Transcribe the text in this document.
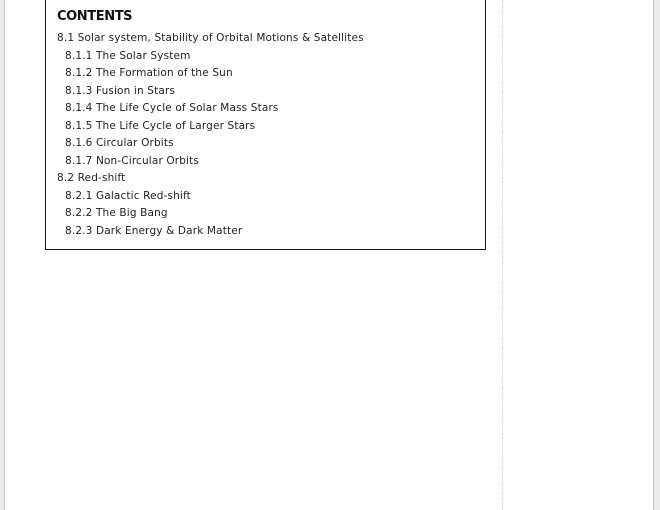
CONTENTS
8.1 Solar system, Stability of Orbital Motions & Satellites
8.1.1 The Solar System
8.1.2 The Formation of the Sun
8.1.3 Fusion in Stars
8.1.4 The Life Cycle of Solar Mass Stars
8.1.5 The Life Cycle of Larger Stars
8.1.6 Circular Orbits
8.1.7 Non-Circular Orbits
8.2 Red-shift
8.2.1 Galactic Red-shift
8.2.2 The Big Bang
8.2.3 Dark Energy & Dark Matter
